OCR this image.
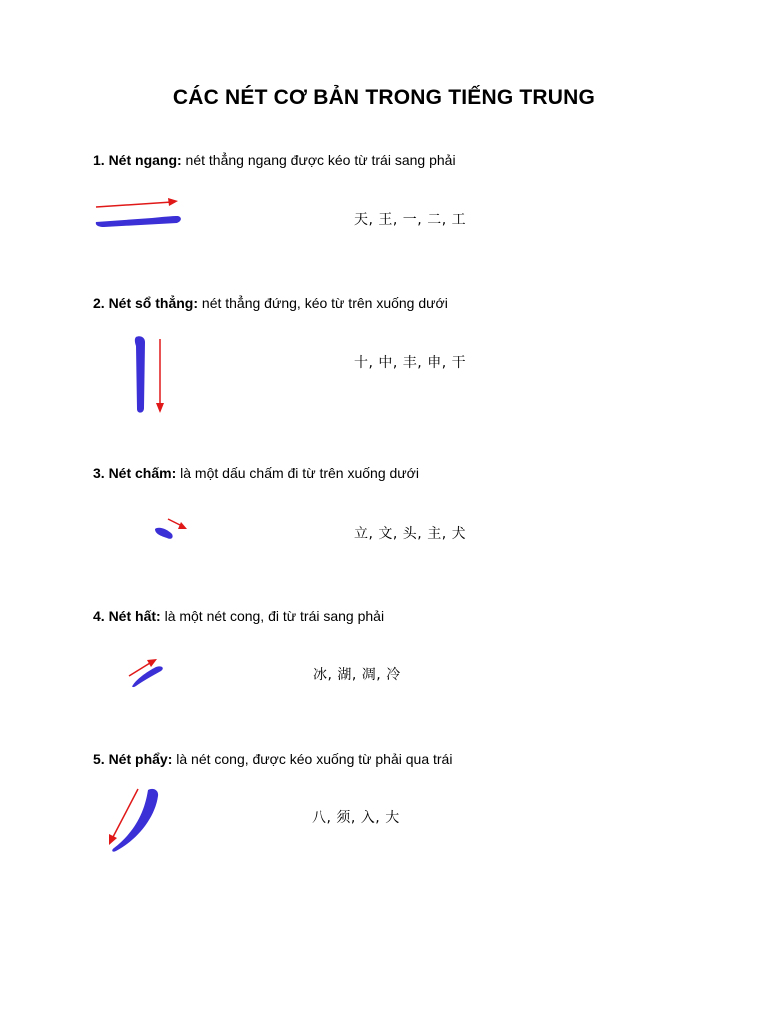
CÁC NÉT CƠ BẢN TRONG TIẾNG TRUNG
1. Nét ngang: nét thẳng ngang được kéo từ trái sang phải
天, 王, 一, 二, 工
2. Nét sổ thẳng: nét thẳng đứng, kéo từ trên xuống dưới
十, 中, 丰, 申, 干
3. Nét chấm: là một dấu chấm đi từ trên xuống dưới
立, 文, 头, 主, 犬
4. Nét hất: là một nét cong, đi từ trái sang phải
冰, 湖, 凋, 冷
5. Nét phẩy: là nét cong, được kéo xuống từ phải qua trái
八, 须, 入, 大
